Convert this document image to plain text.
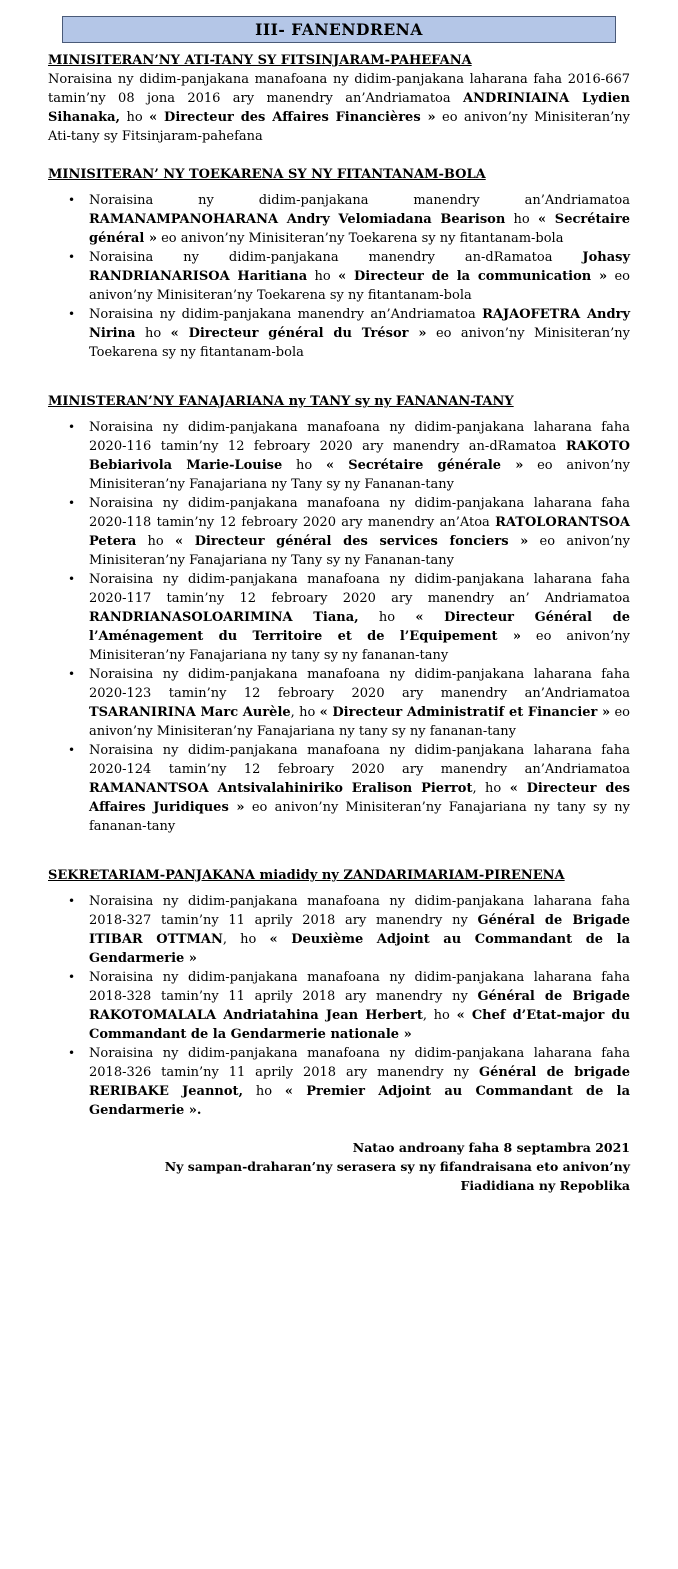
III- FANENDRENA

MINISITERAN’NY ATI-TANY SY FITSINJARAM-PAHEFANA

Noraisina ny didim-panjakana manafoana ny didim-panjakana laharana faha 2016-667 tamin’ny 08 jona 2016 ary manendry an’Andriamatoa ANDRINIAINA Lydien Sihanaka, ho « Directeur des Affaires Financières » eo anivon’ny Minisiteran’ny Ati-tany sy Fitsinjaram-pahefana

MINISITERAN’ NY TOEKARENA SY NY FITANTANAM-BOLA

• Noraisina ny didim-panjakana manendry an’Andriamatoa RAMANAMPANOHARANA Andry Velomiadana Bearison ho « Secrétaire général » eo anivon’ny Minisiteran’ny Toekarena sy ny fitantanam-bola
• Noraisina ny didim-panjakana manendry an-dRamatoa Johasy RANDRIANARISOA Haritiana ho « Directeur de la communication » eo anivon’ny Minisiteran’ny Toekarena sy ny fitantanam-bola
• Noraisina ny didim-panjakana manendry an’Andriamatoa RAJAOFETRA Andry Nirina ho « Directeur général du Trésor » eo anivon’ny Minisiteran’ny Toekarena sy ny fitantanam-bola

MINISTERAN’NY FANAJARIANA ny TANY sy ny FANANAN-TANY

• Noraisina ny didim-panjakana manafoana ny didim-panjakana laharana faha 2020-116 tamin’ny 12 febroary 2020 ary manendry an-dRamatoa RAKOTO Bebiarivola Marie-Louise ho « Secrétaire générale » eo anivon’ny Minisiteran’ny Fanajariana ny Tany sy ny Fananan-tany
• Noraisina ny didim-panjakana manafoana ny didim-panjakana laharana faha 2020-118 tamin’ny 12 febroary 2020 ary manendry an’Atoa RATOLORANTSOA Petera ho « Directeur général des services fonciers » eo anivon’ny Minisiteran’ny Fanajariana ny Tany sy ny Fananan-tany
• Noraisina ny didim-panjakana manafoana ny didim-panjakana laharana faha 2020-117 tamin’ny 12 febroary 2020 ary manendry an’ Andriamatoa RANDRIANASOLOARIMINA Tiana, ho « Directeur Général de l’Aménagement du Territoire et de l’Equipement » eo anivon’ny Minisiteran’ny Fanajariana ny tany sy ny fananan-tany
• Noraisina ny didim-panjakana manafoana ny didim-panjakana laharana faha 2020-123 tamin’ny 12 febroary 2020 ary manendry an’Andriamatoa TSARANIRINA Marc Aurèle, ho « Directeur Administratif et Financier » eo anivon’ny Minisiteran’ny Fanajariana ny tany sy ny fananan-tany
• Noraisina ny didim-panjakana manafoana ny didim-panjakana laharana faha 2020-124 tamin’ny 12 febroary 2020 ary manendry an’Andriamatoa RAMANANTSOA Antsivalahiniriko Eralison Pierrot, ho « Directeur des Affaires Juridiques » eo anivon’ny Minisiteran’ny Fanajariana ny tany sy ny fananan-tany

SEKRETARIAM-PANJAKANA miadidy ny ZANDARIMARIAM-PIRENENA

• Noraisina ny didim-panjakana manafoana ny didim-panjakana laharana faha 2018-327 tamin’ny 11 aprily 2018 ary manendry ny Général de Brigade ITIBAR OTTMAN, ho « Deuxième Adjoint au Commandant de la Gendarmerie »
• Noraisina ny didim-panjakana manafoana ny didim-panjakana laharana faha 2018-328 tamin’ny 11 aprily 2018 ary manendry ny Général de Brigade RAKOTOMALALA Andriatahina Jean Herbert, ho « Chef d’Etat-major du Commandant de la Gendarmerie nationale »
• Noraisina ny didim-panjakana manafoana ny didim-panjakana laharana faha 2018-326 tamin’ny 11 aprily 2018 ary manendry ny Général de brigade RERIBAKE Jeannot, ho « Premier Adjoint au Commandant de la Gendarmerie ».

Natao androany faha 8 septambra 2021

Ny sampan-draharan’ny serasera sy ny fifandraisana eto anivon’ny

Fiadidiana ny Repoblika
